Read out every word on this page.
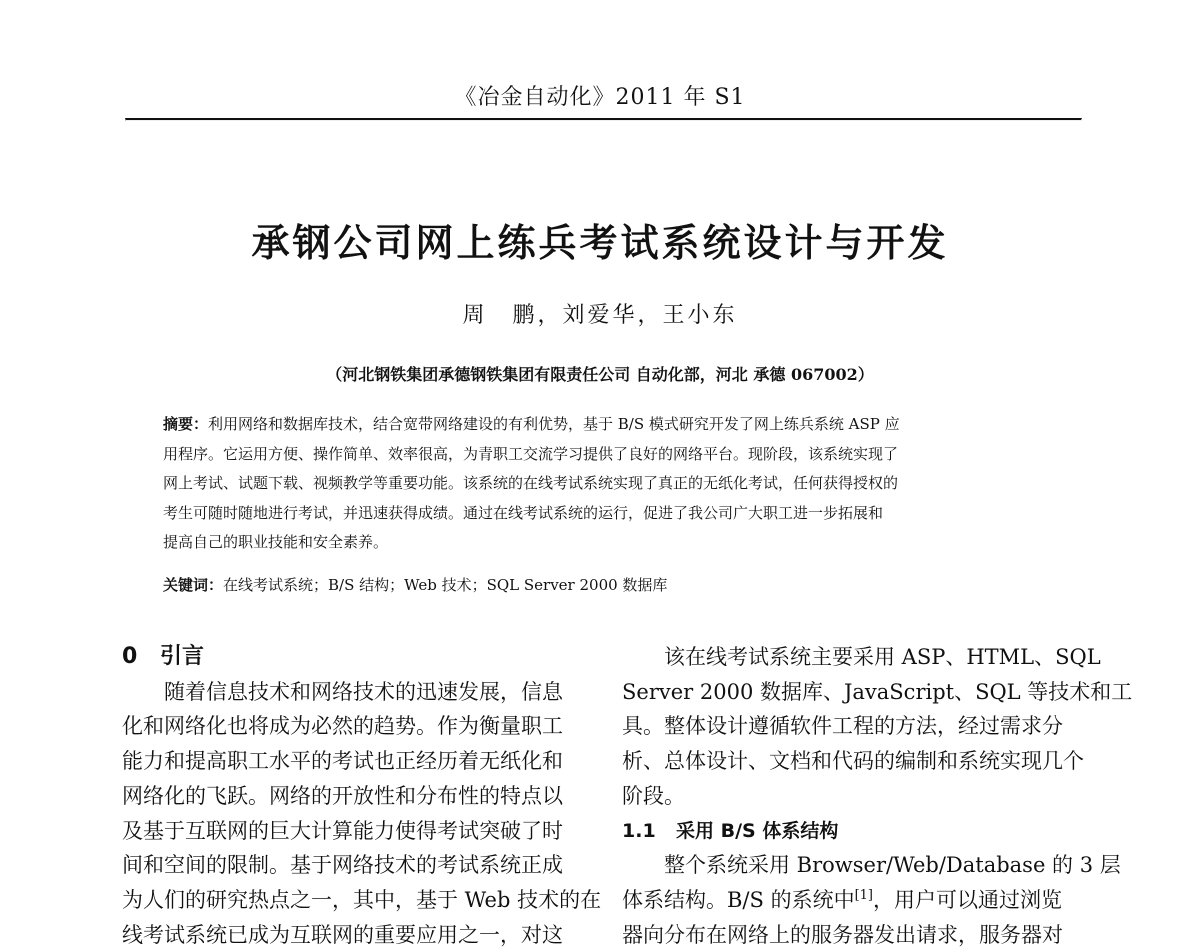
《冶金自动化》2011 年 S1
承钢公司网上练兵考试系统设计与开发
周　鹏，刘爱华，王小东
（河北钢铁集团承德钢铁集团有限责任公司 自动化部，河北 承德 067002）
摘要：利用网络和数据库技术，结合宽带网络建设的有利优势，基于 B/S 模式研究开发了网上练兵系统 ASP 应
用程序。它运用方便、操作简单、效率很高，为青职工交流学习提供了良好的网络平台。现阶段，该系统实现了
网上考试、试题下载、视频教学等重要功能。该系统的在线考试系统实现了真正的无纸化考试，任何获得授权的
考生可随时随地进行考试，并迅速获得成绩。通过在线考试系统的运行，促进了我公司广大职工进一步拓展和
提高自己的职业技能和安全素养。
关键词：在线考试系统；B/S 结构；Web 技术；SQL Server 2000 数据库

0 引言

随着信息技术和网络技术的迅速发展，信息

化和网络化也将成为必然的趋势。作为衡量职工

能力和提高职工水平的考试也正经历着无纸化和

网络化的飞跃。网络的开放性和分布性的特点以

及基于互联网的巨大计算能力使得考试突破了时

间和空间的限制。基于网络技术的考试系统正成

为人们的研究热点之一，其中，基于 Web 技术的在

线考试系统已成为互联网的重要应用之一，对这

该在线考试系统主要采用 ASP、HTML、SQL

Server 2000 数据库、JavaScript、SQL 等技术和工

具。整体设计遵循软件工程的方法，经过需求分

析、总体设计、文档和代码的编制和系统实现几个

阶段。

1.1 采用 B/S 体系结构

整个系统采用 Browser/Web/Database 的 3 层

体系结构。B/S 的系统中[1]，用户可以通过浏览

器向分布在网络上的服务器发出请求，服务器对
